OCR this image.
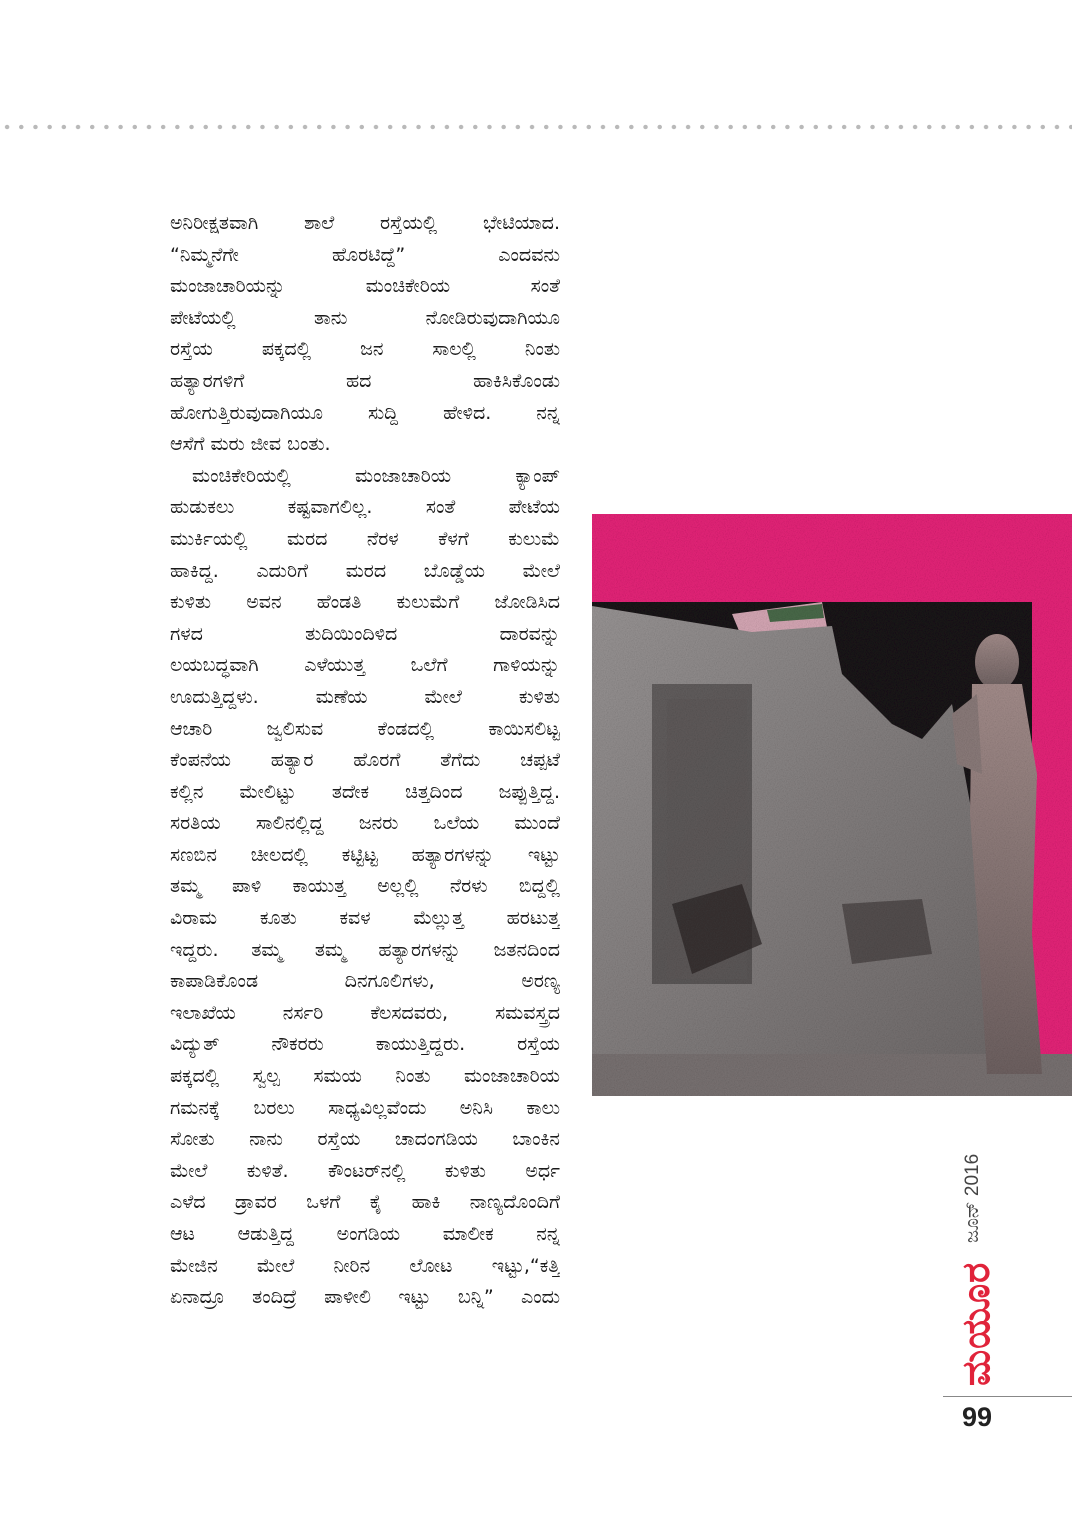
ಅನಿರೀಕ್ಷತವಾಗಿ ಶಾಲೆ ರಸ್ತೆಯಲ್ಲಿ ಭೇಟಿಯಾದ.
“ನಿಮ್ಮನೆಗೇ ಹೊರಟಿದ್ದೆ” ಎಂದವನು
ಮಂಜಾಚಾರಿಯನ್ನು ಮಂಚಿಕೇರಿಯ ಸಂತೆ
ಪೇಟೆಯಲ್ಲಿ ತಾನು ನೋಡಿರುವುದಾಗಿಯೂ
ರಸ್ತೆಯ ಪಕ್ಕದಲ್ಲಿ ಜನ ಸಾಲಲ್ಲಿ ನಿಂತು
ಹತ್ಯಾರಗಳಿಗೆ ಹದ ಹಾಕಿಸಿಕೊಂಡು
ಹೋಗುತ್ತಿರುವುದಾಗಿಯೂ ಸುದ್ದಿ ಹೇಳಿದ. ನನ್ನ
ಆಸೆಗೆ ಮರು ಜೀವ ಬಂತು.

ಮಂಚಿಕೇರಿಯಲ್ಲಿ ಮಂಜಾಚಾರಿಯ ಕ್ಯಾಂಪ್
ಹುಡುಕಲು ಕಷ್ಟವಾಗಲಿಲ್ಲ. ಸಂತೆ ಪೇಟೆಯ
ಮುರ್ಕಿಯಲ್ಲಿ ಮರದ ನೆರಳ ಕೆಳಗೆ ಕುಲುಮೆ
ಹಾಕಿದ್ದ. ಎದುರಿಗೆ ಮರದ ಬೊಡ್ಡೆಯ ಮೇಲೆ
ಕುಳಿತು ಅವನ ಹೆಂಡತಿ ಕುಲುಮೆಗೆ ಜೋಡಿಸಿದ
ಗಳದ ತುದಿಯಿಂದಿಳಿದ ದಾರವನ್ನು
ಲಯಬದ್ಧವಾಗಿ ಎಳೆಯುತ್ತ ಒಲೆಗೆ ಗಾಳಿಯನ್ನು
ಊದುತ್ತಿದ್ದಳು. ಮಣೆಯ ಮೇಲೆ ಕುಳಿತು
ಆಚಾರಿ ಜ್ವಲಿಸುವ ಕೆಂಡದಲ್ಲಿ ಕಾಯಿಸಲಿಟ್ಟ
ಕೆಂಪನೆಯ ಹತ್ಯಾರ ಹೊರಗೆ ತೆಗೆದು ಚಪ್ಪಟೆ
ಕಲ್ಲಿನ ಮೇಲಿಟ್ಟು ತದೇಕ ಚಿತ್ತದಿಂದ ಜಪ್ಪುತ್ತಿದ್ದ.
ಸರತಿಯ ಸಾಲಿನಲ್ಲಿದ್ದ ಜನರು ಒಲೆಯ ಮುಂದೆ
ಸಣಬಿನ ಚೀಲದಲ್ಲಿ ಕಟ್ಟಿಟ್ಟ ಹತ್ಯಾರಗಳನ್ನು ಇಟ್ಟು
ತಮ್ಮ ಪಾಳಿ ಕಾಯುತ್ತ ಅಲ್ಲಲ್ಲಿ ನೆರಳು ಬಿದ್ದಲ್ಲಿ
ವಿರಾಮ ಕೂತು ಕವಳ ಮೆಲ್ಲುತ್ತ ಹರಟುತ್ತ
ಇದ್ದರು. ತಮ್ಮ ತಮ್ಮ ಹತ್ಯಾರಗಳನ್ನು ಜತನದಿಂದ
ಕಾಪಾಡಿಕೊಂಡ ದಿನಗೂಲಿಗಳು, ಅರಣ್ಯ
ಇಲಾಖೆಯ ನರ್ಸರಿ ಕೆಲಸದವರು, ಸಮವಸ್ತ್ರದ
ವಿದ್ಯುತ್ ನೌಕರರು ಕಾಯುತ್ತಿದ್ದರು. ರಸ್ತೆಯ
ಪಕ್ಕದಲ್ಲಿ ಸ್ವಲ್ಪ ಸಮಯ ನಿಂತು ಮಂಜಾಚಾರಿಯ
ಗಮನಕ್ಕೆ ಬರಲು ಸಾಧ್ಯವಿಲ್ಲವೆಂದು ಅನಿಸಿ ಕಾಲು
ಸೋತು ನಾನು ರಸ್ತೆಯ ಚಾದಂಗಡಿಯ ಬಾಂಕಿನ
ಮೇಲೆ ಕುಳಿತೆ. ಕೌಂಟರ್‌ನಲ್ಲಿ ಕುಳಿತು ಅರ್ಧ
ಎಳೆದ ಡ್ರಾವರ ಒಳಗೆ ಕೈ ಹಾಕಿ ನಾಣ್ಯದೊಂದಿಗೆ
ಆಟ ಆಡುತ್ತಿದ್ದ ಅಂಗಡಿಯ ಮಾಲೀಕ ನನ್ನ
ಮೇಜಿನ ಮೇಲೆ ನೀರಿನ ಲೋಟ ಇಟ್ಟು,“ಕತ್ತಿ
ಏನಾದ್ರೂ ತಂದಿದ್ರೆ ಪಾಳೀಲಿ ಇಟ್ಟು ಬನ್ನಿ” ಎಂದು

ಜೂನ್ 2016
ಮಯೂರ
99
